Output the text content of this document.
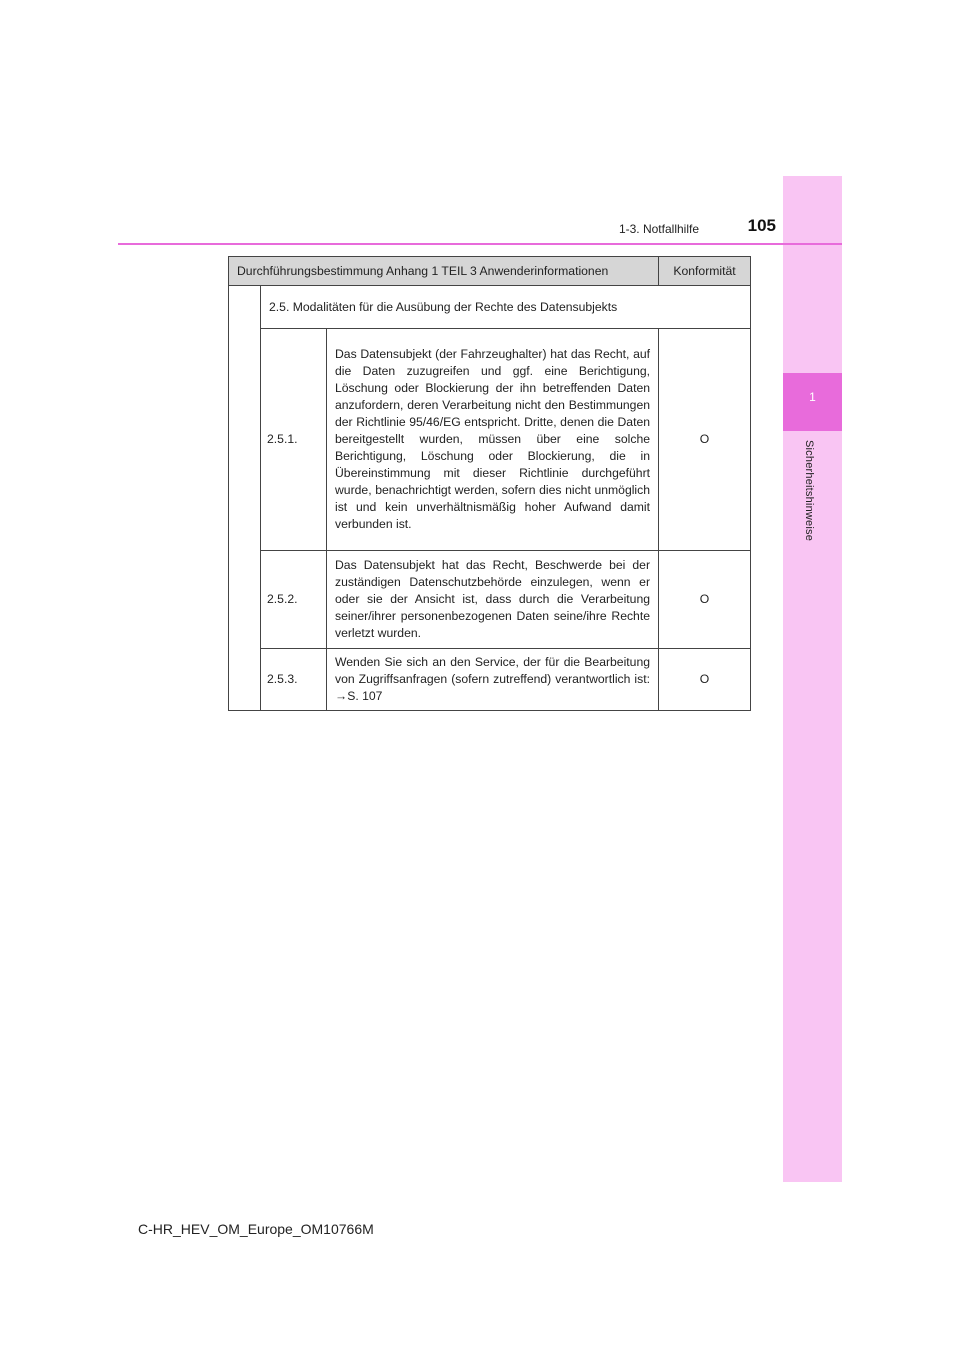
1
Sicherheitshinweise
1-3. Notfallhilfe	105
Durchführungsbestimmung Anhang 1 TEIL 3 Anwenderinformationen			Konformität
	2.5. Modalitäten für die Ausübung der Rechte des Datensubjekts		
	2.5.1.	Das Datensubjekt (der Fahrzeughalter) hat das Recht, auf die Daten zuzugreifen und ggf. eine Berichtigung, Löschung oder Blockierung der ihn betreffenden Daten anzufordern, deren Verarbeitung nicht den Bestimmungen der Richtlinie 95/46/EG entspricht. Dritte, denen die Daten bereitgestellt wurden, müssen über eine solche Berichtigung, Löschung oder Blockierung, die in Übereinstimmung mit dieser Richtlinie durchgeführt wurde, benachrichtigt werden, sofern dies nicht unmöglich ist und kein unverhältnismäßig hoher Aufwand damit verbunden ist.	O
	2.5.2.	Das Datensubjekt hat das Recht, Beschwerde bei der zuständigen Datenschutzbehörde einzulegen, wenn er oder sie der Ansicht ist, dass durch die Verarbeitung seiner/ihrer personenbezogenen Daten seine/ihre Rechte verletzt wurden.	O
	2.5.3.	Wenden Sie sich an den Service, der für die Bearbeitung von Zugriffsanfragen (sofern zutreffend) verantwortlich ist: →S. 107	O
C-HR_HEV_OM_Europe_OM10766M
